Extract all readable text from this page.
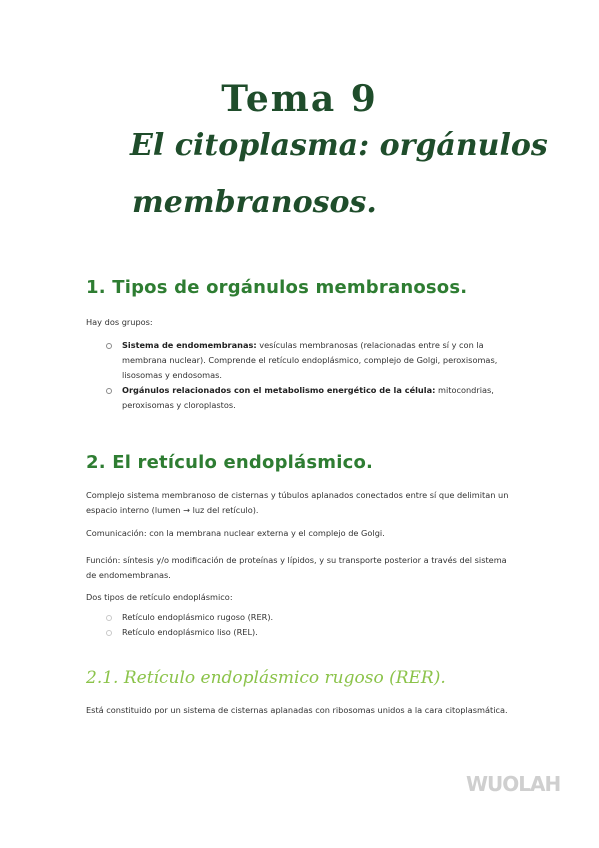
Tema 9
El citoplasma: orgánulos
membranosos.
1. Tipos de orgánulos membranosos.
Hay dos grupos:
Sistema de endomembranas: vesículas membranosas (relacionadas entre sí y con la membrana nuclear). Comprende el retículo endoplásmico, complejo de Golgi, peroxisomas, lisosomas y endosomas.
Orgánulos relacionados con el metabolismo energético de la célula: mitocondrias, peroxisomas y cloroplastos.
2. El retículo endoplásmico.
Complejo sistema membranoso de cisternas y túbulos aplanados conectados entre sí que delimitan un espacio interno (lumen → luz del retículo).
Comunicación: con la membrana nuclear externa y el complejo de Golgi.
Función: síntesis y/o modificación de proteínas y lípidos, y su transporte posterior a través del sistema de endomembranas.
Dos tipos de retículo endoplásmico:
Retículo endoplásmico rugoso (RER).
Retículo endoplásmico liso (REL).
2.1. Retículo endoplásmico rugoso (RER).
Está constituido por un sistema de cisternas aplanadas con ribosomas unidos a la cara citoplasmática.
WUOLAH
